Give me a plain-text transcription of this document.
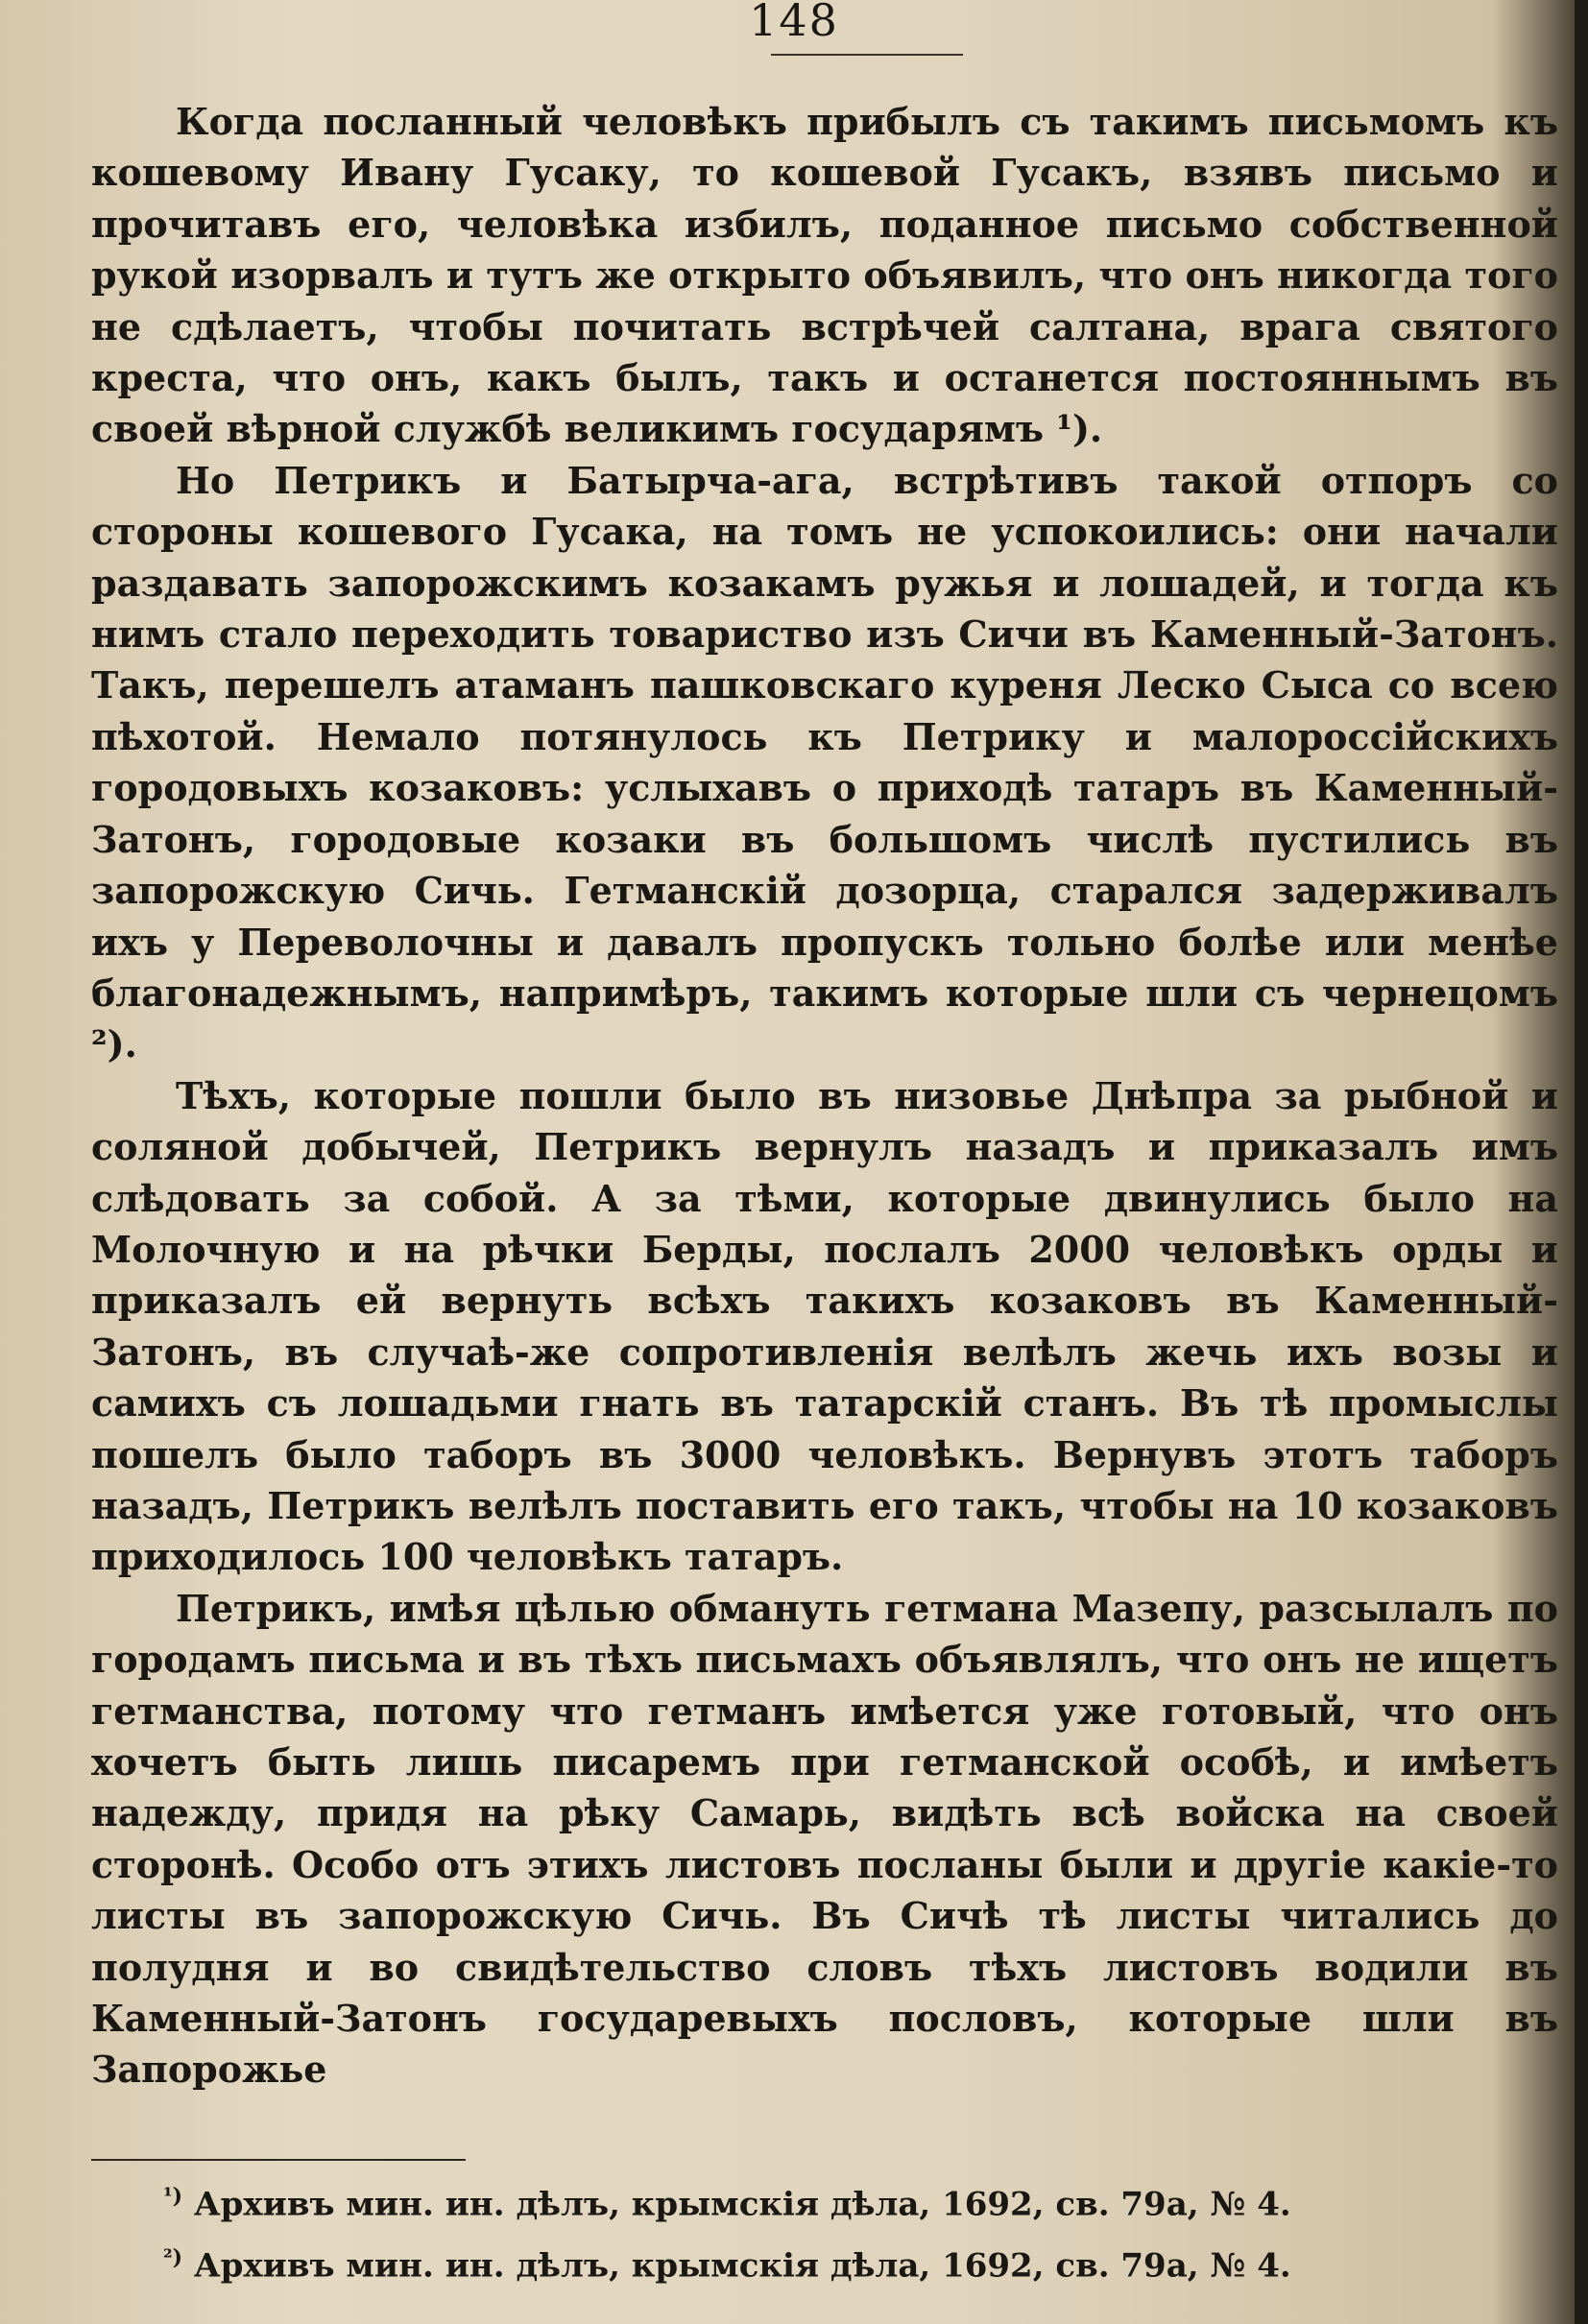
148

Когда посланный человѣкъ прибылъ съ такимъ письмомъ къ кошевому Ивану Гусаку, то кошевой Гусакъ, взявъ письмо и прочитавъ его, человѣка избилъ, поданное письмо собственной рукой изорвалъ и тутъ же открыто объявилъ, что онъ никогда того не сдѣлаетъ, чтобы почитать встрѣчей салтана, врага святого креста, что онъ, какъ былъ, такъ и останется постояннымъ въ своей вѣрной службѣ великимъ государямъ ¹).

Но Петрикъ и Батырча-ага, встрѣтивъ такой отпоръ со стороны кошевого Гусака, на томъ не успокоились: они начали раздавать запорожскимъ козакамъ ружья и лошадей, и тогда къ нимъ стало переходить товариство изъ Сичи въ Каменный-Затонъ. Такъ, перешелъ атаманъ пашковскаго куреня Леско Сыса со всею пѣхотой. Немало потянулось къ Петрику и малороссійскихъ городовыхъ козаковъ: услыхавъ о приходѣ татаръ въ Каменный-Затонъ, городовые козаки въ большомъ числѣ пустились въ запорожскую Сичь. Гетманскій дозорца, старался задерживалъ ихъ у Переволочны и давалъ пропускъ тольно болѣе или менѣе благонадежнымъ, напримѣръ, такимъ которые шли съ чернецомъ ²).

Тѣхъ, которые пошли было въ низовье Днѣпра за рыбной и соляной добычей, Петрикъ вернулъ назадъ и приказалъ имъ слѣдовать за собой. А за тѣми, которые двинулись было на Молочную и на рѣчки Берды, послалъ 2000 человѣкъ орды и приказалъ ей вернуть всѣхъ такихъ козаковъ въ Каменный-Затонъ, въ случаѣ-же сопротивленія велѣлъ жечь ихъ возы и самихъ съ лошадьми гнать въ татарскій станъ. Въ тѣ промыслы пошелъ было таборъ въ 3000 человѣкъ. Вернувъ этотъ таборъ назадъ, Петрикъ велѣлъ поставить его такъ, чтобы на 10 козаковъ приходилось 100 человѣкъ татаръ.

Петрикъ, имѣя цѣлью обмануть гетмана Мазепу, разсылалъ по городамъ письма и въ тѣхъ письмахъ объявлялъ, что онъ не ищетъ гетманства, потому что гетманъ имѣется уже готовый, что онъ хочетъ быть лишь писаремъ при гетманской особѣ, и имѣетъ надежду, придя на рѣку Самарь, видѣть всѣ войска на своей сторонѣ. Особо отъ этихъ листовъ посланы были и другіе какіе-то листы въ запорожскую Сичь. Въ Сичѣ тѣ листы читались до полудня и во свидѣтельство словъ тѣхъ листовъ водили въ Каменный-Затонъ государевыхъ пословъ, которые шли въ Запорожье

$^{^1)}$ Архивъ мин. ин. дѣлъ, крымскія дѣла, 1692, св. 79а, № 4.
$^{^2)}$ Архивъ мин. ин. дѣлъ, крымскія дѣла, 1692, св. 79а, № 4.
